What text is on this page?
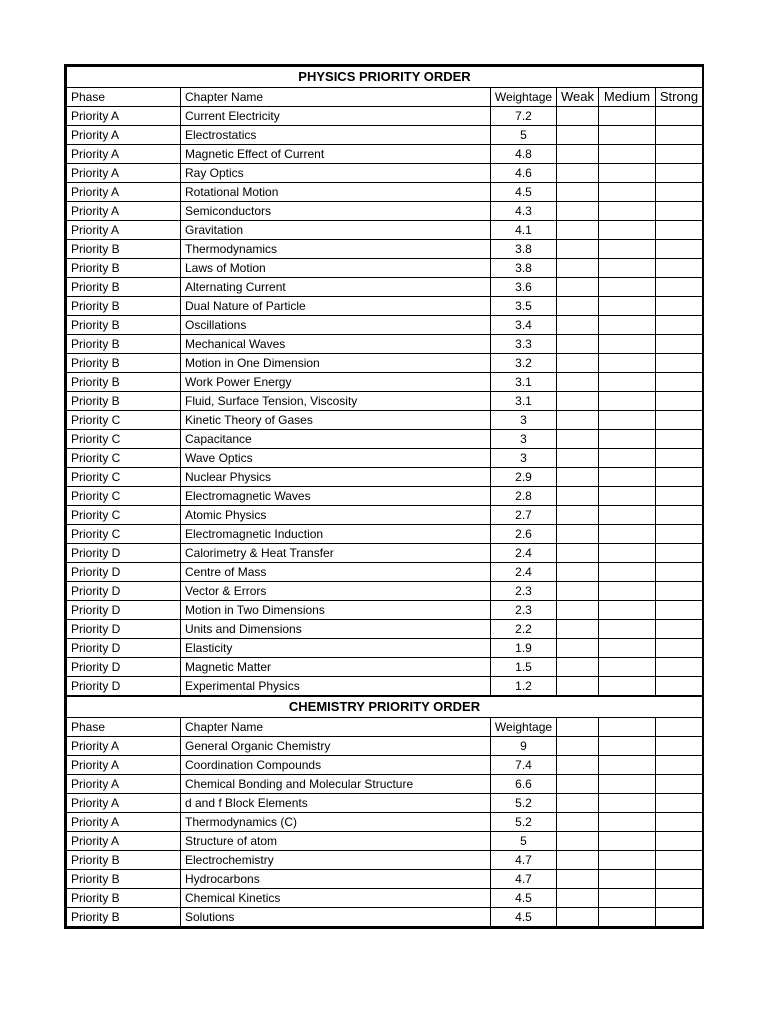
PHYSICS PRIORITY ORDER					
Phase	Chapter Name	Weightage	Weak	Medium	Strong
Priority A	Current Electricity	7.2			
Priority A	Electrostatics	5			
Priority A	Magnetic Effect of Current	4.8			
Priority A	Ray Optics	4.6			
Priority A	Rotational Motion	4.5			
Priority A	Semiconductors	4.3			
Priority A	Gravitation	4.1			
Priority B	Thermodynamics	3.8			
Priority B	Laws of Motion	3.8			
Priority B	Alternating Current	3.6			
Priority B	Dual Nature of Particle	3.5			
Priority B	Oscillations	3.4			
Priority B	Mechanical Waves	3.3			
Priority B	Motion in One Dimension	3.2			
Priority B	Work Power Energy	3.1			
Priority B	Fluid, Surface Tension, Viscosity	3.1			
Priority C	Kinetic Theory of Gases	3			
Priority C	Capacitance	3			
Priority C	Wave Optics	3			
Priority C	Nuclear Physics	2.9			
Priority C	Electromagnetic Waves	2.8			
Priority C	Atomic Physics	2.7			
Priority C	Electromagnetic Induction	2.6			
Priority D	Calorimetry & Heat Transfer	2.4			
Priority D	Centre of Mass	2.4			
Priority D	Vector & Errors	2.3			
Priority D	Motion in Two Dimensions	2.3			
Priority D	Units and Dimensions	2.2			
Priority D	Elasticity	1.9			
Priority D	Magnetic Matter	1.5			
Priority D	Experimental Physics	1.2			
CHEMISTRY PRIORITY ORDER					
Phase	Chapter Name	Weightage			
Priority A	General Organic Chemistry	9			
Priority A	Coordination Compounds	7.4			
Priority A	Chemical Bonding and Molecular Structure	6.6			
Priority A	d and f Block Elements	5.2			
Priority A	Thermodynamics (C)	5.2			
Priority A	Structure of atom	5			
Priority B	Electrochemistry	4.7			
Priority B	Hydrocarbons	4.7			
Priority B	Chemical Kinetics	4.5			
Priority B	Solutions	4.5			
